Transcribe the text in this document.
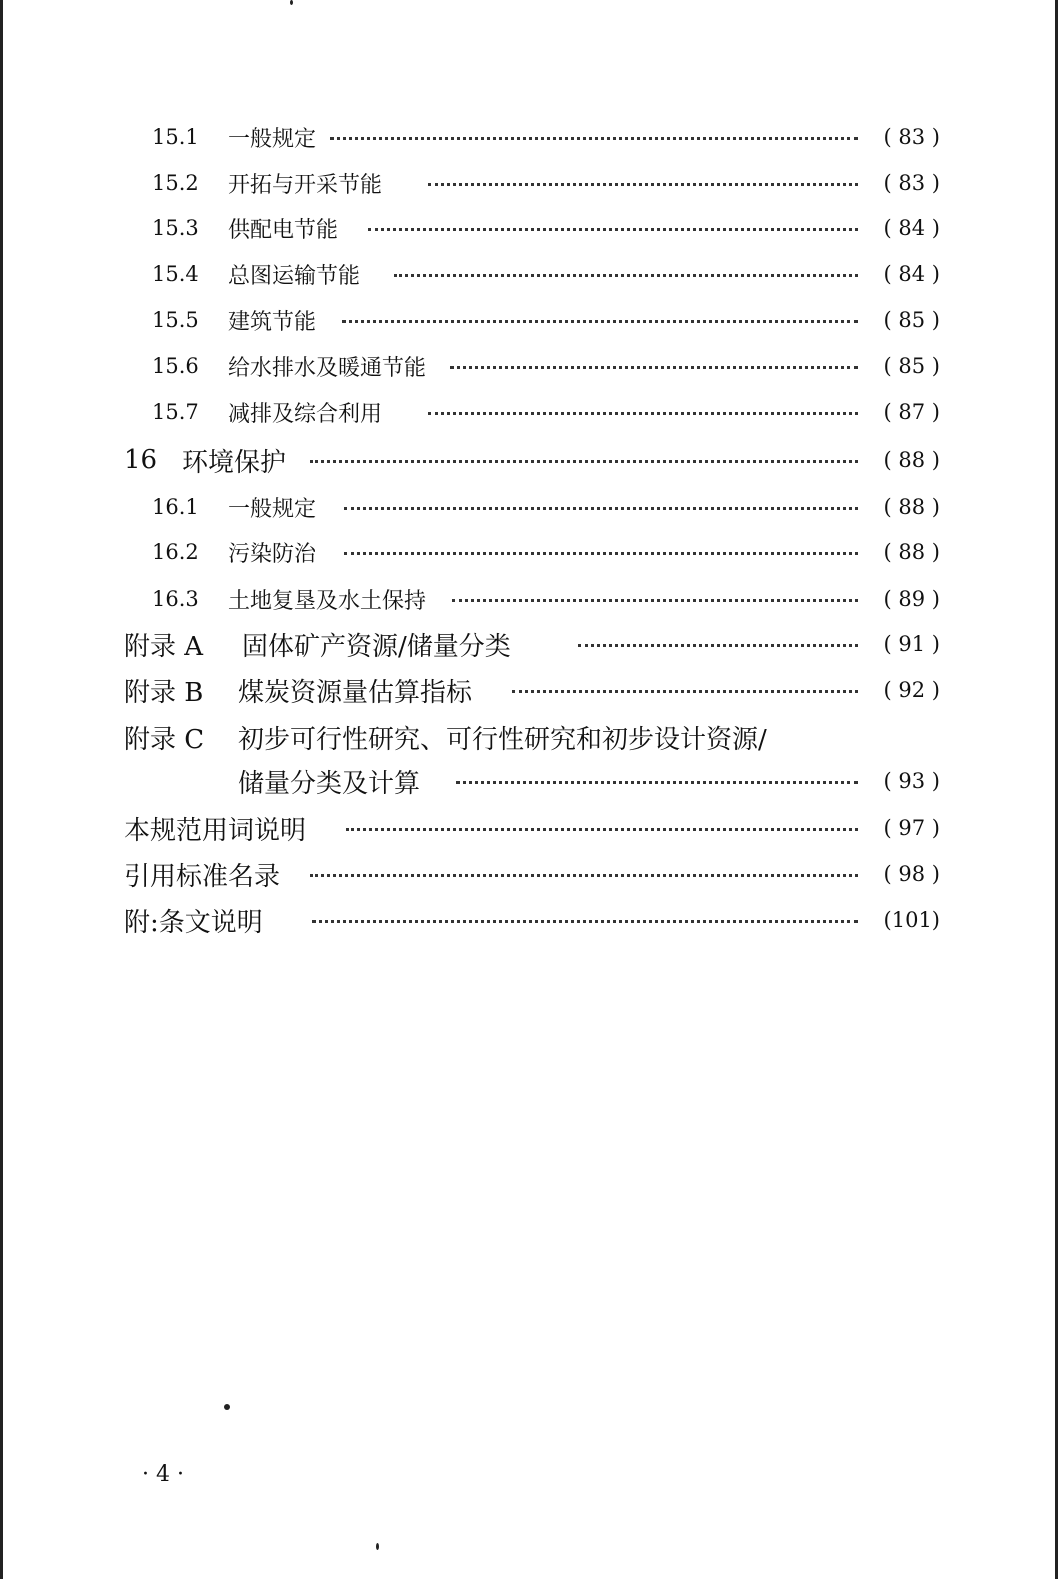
15.1 一般规定	( 83 )
15.2 开拓与开采节能	( 83 )
15.3 供配电节能	( 84 )
15.4 总图运输节能	( 84 )
15.5 建筑节能	( 85 )
15.6 给水排水及暖通节能	( 85 )
15.7 减排及综合利用	( 87 )
16 环境保护	( 88 )
16.1 一般规定	( 88 )
16.2 污染防治	( 88 )
16.3 土地复垦及水土保持	( 89 )
附录 A 固体矿产资源/储量分类	( 91 )
附录 B 煤炭资源量估算指标	( 92 )
附录 C 初步可行性研究、可行性研究和初步设计资源/
储量分类及计算	( 93 )
本规范用词说明	( 97 )
引用标准名录	( 98 )
附:条文说明	(101)
· 4 ·
